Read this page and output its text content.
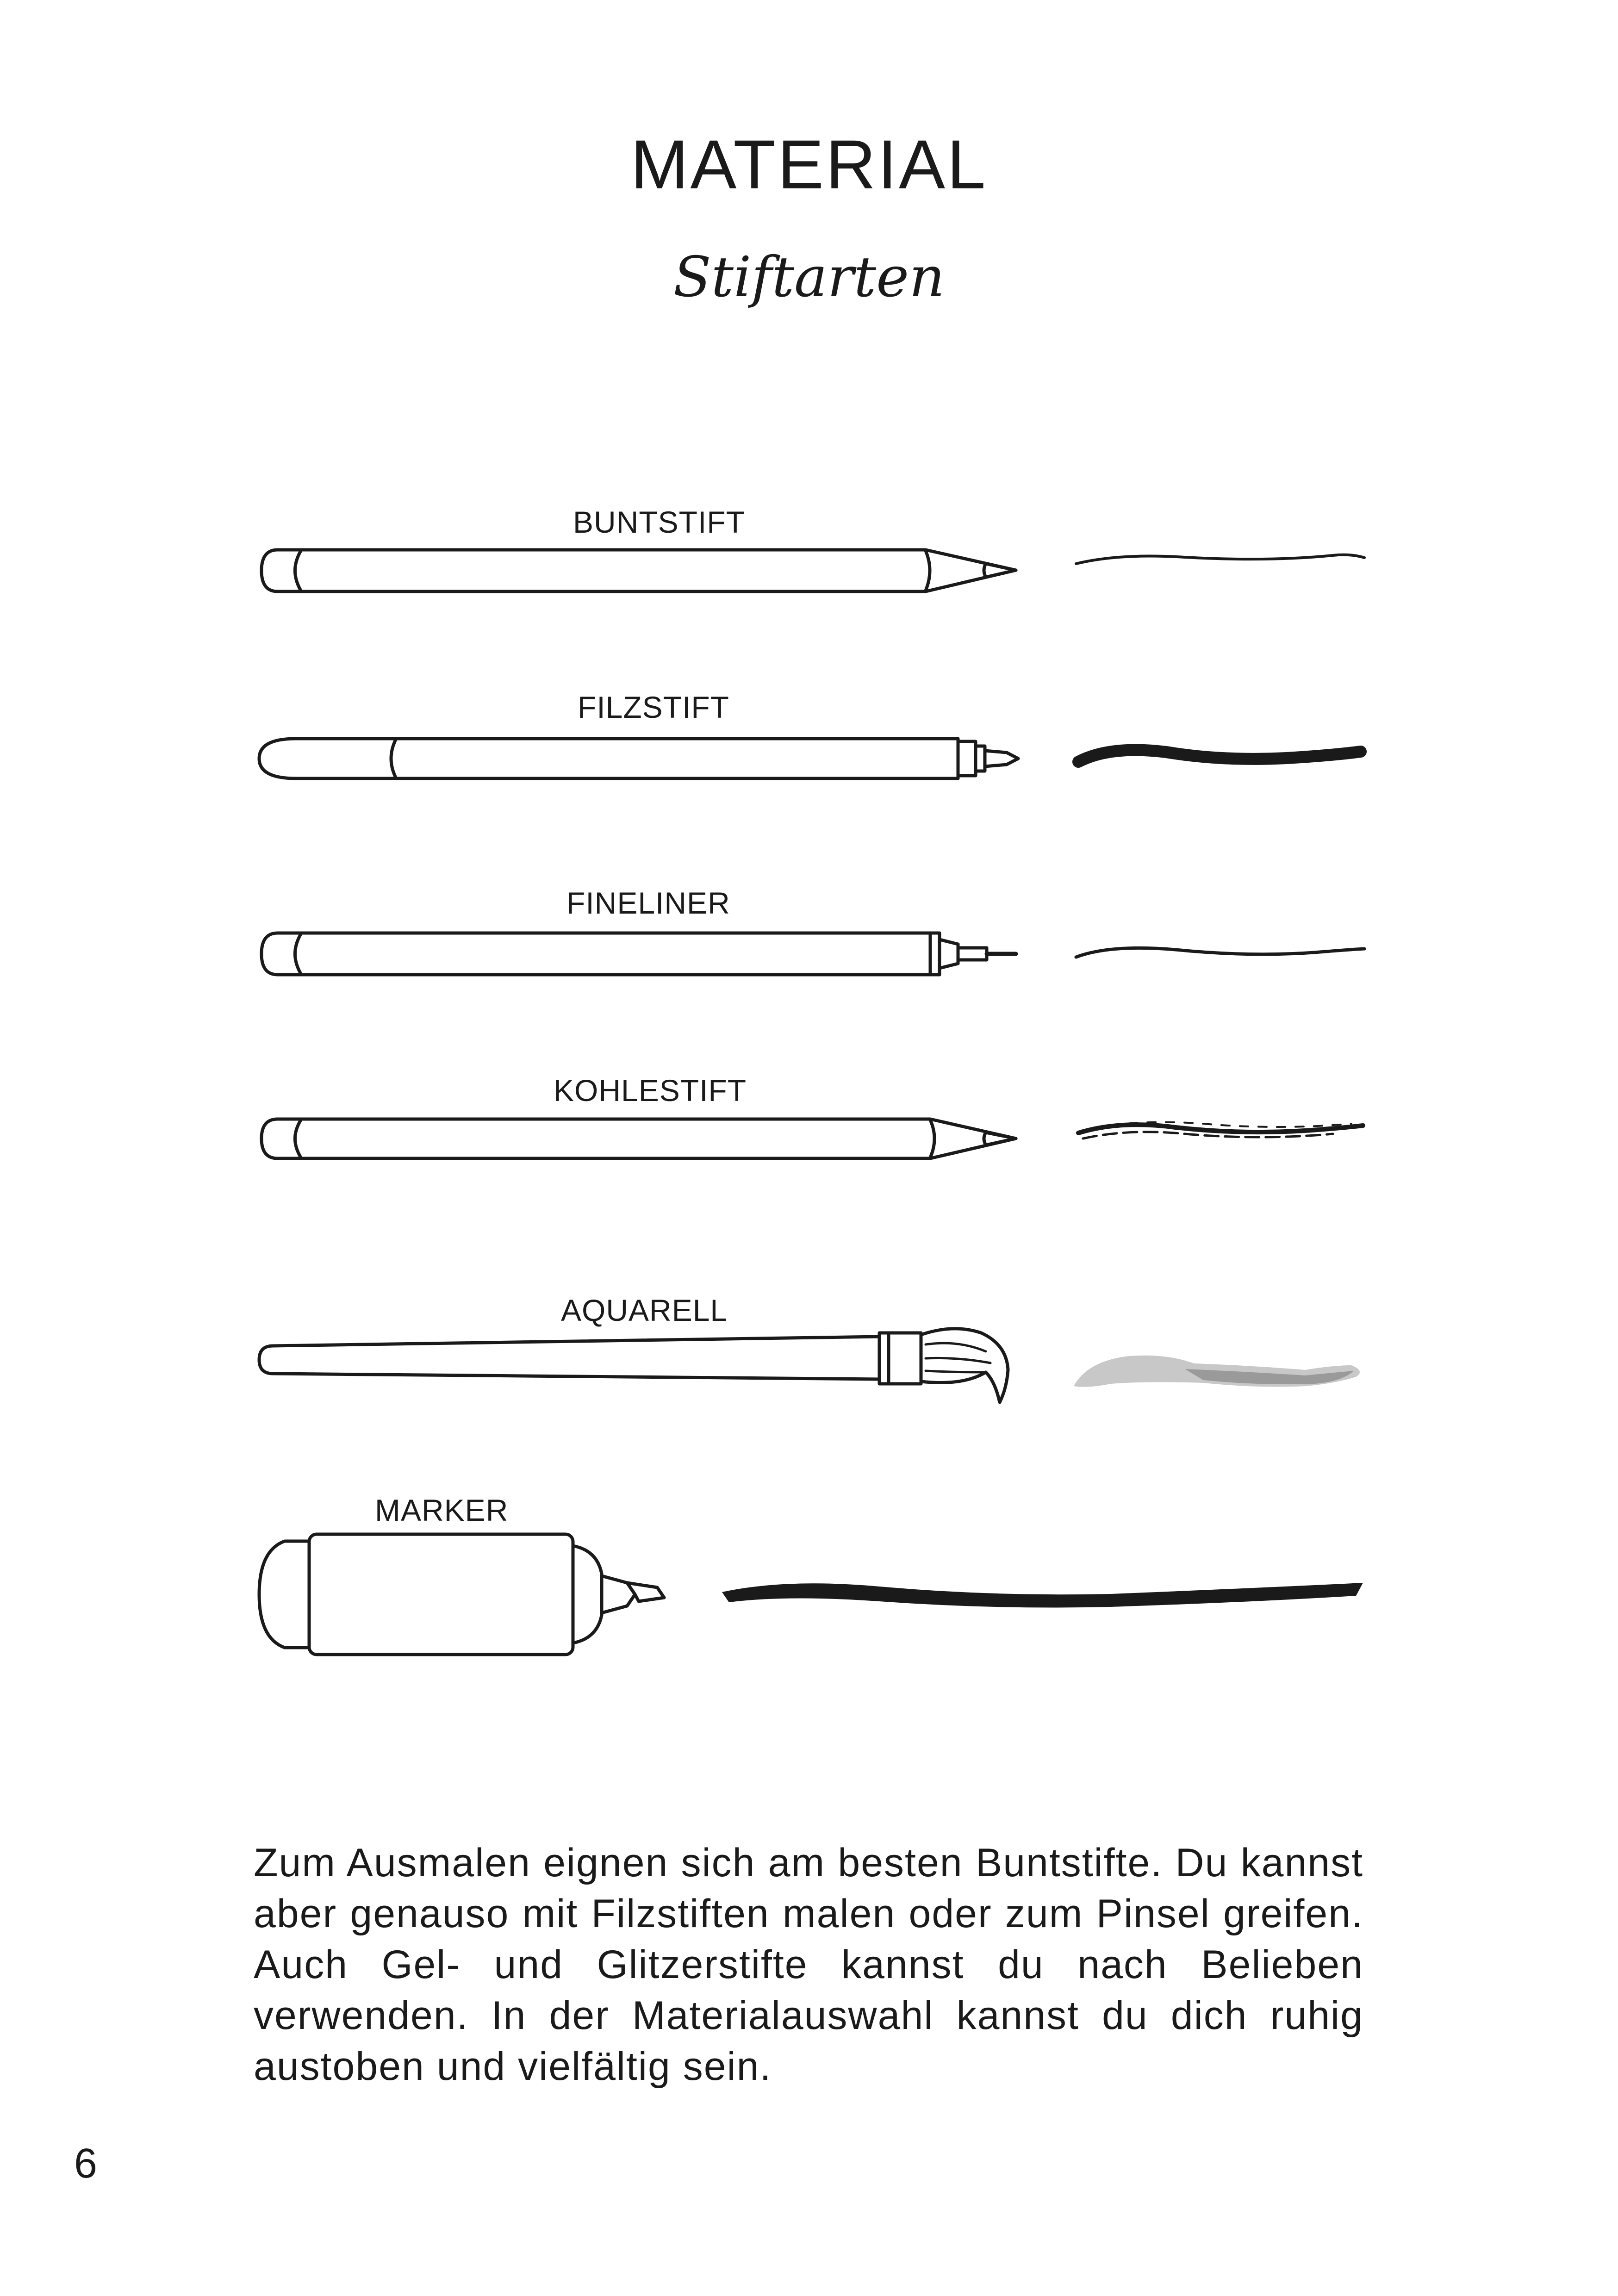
MATERIAL
Stiftarten
BUNTSTIFT
FILZSTIFT
FINELINER
KOHLESTIFT
AQUARELL
MARKER

Zum Ausmalen eignen sich am besten Buntstifte. Du kannst aber genauso mit Filzstiften malen oder zum Pinsel greifen. Auch Gel- und Glitzerstifte kannst du nach Belieben verwenden. In der Materialauswahl kannst du dich ruhig austoben und vielfältig sein.

6
